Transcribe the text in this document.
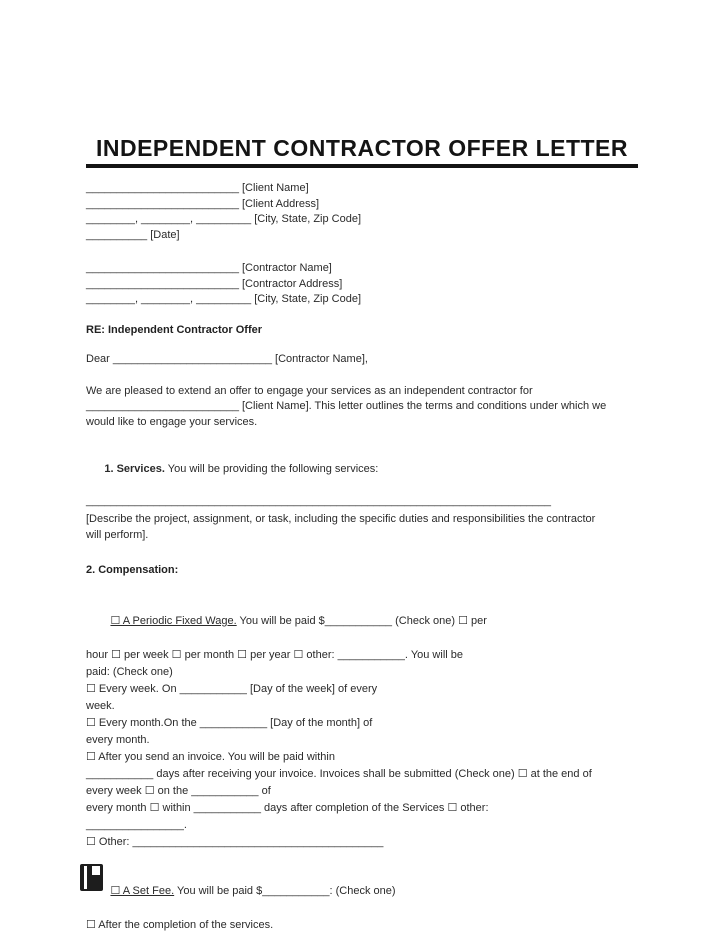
INDEPENDENT CONTRACTOR OFFER LETTER
_________________________ [Client Name]
_________________________ [Client Address]
________, ________, _________ [City, State, Zip Code]
__________ [Date]
_________________________ [Contractor Name]
_________________________ [Contractor Address]
________, ________, _________ [City, State, Zip Code]
RE: Independent Contractor Offer
Dear __________________________ [Contractor Name],
We are pleased to extend an offer to engage your services as an independent contractor for
_________________________ [Client Name]. This letter outlines the terms and conditions under which we
would like to engage your services.

1. Services. You will be providing the following services:

____________________________________________________________________________
[Describe the project, assignment, or task, including the specific duties and responsibilities the contractor
will perform].
2. Compensation:

☐ A Periodic Fixed Wage. You will be paid $___________ (Check one) ☐ per

hour ☐ per week ☐ per month ☐ per year ☐ other: ___________. You will be
paid: (Check one)
☐ Every week. On ___________ [Day of the week] of every
week.
☐ Every month.On the ___________ [Day of the month] of
every month.
☐ After you send an invoice. You will be paid within
___________ days after receiving your invoice. Invoices shall be submitted (Check one) ☐ at the end of
every week ☐ on the ___________ of
every month ☐ within ___________ days after completion of the Services ☐ other:
________________.
☐ Other: _________________________________________

☐ A Set Fee. You will be paid $___________: (Check one)

☐ After the completion of the services.
